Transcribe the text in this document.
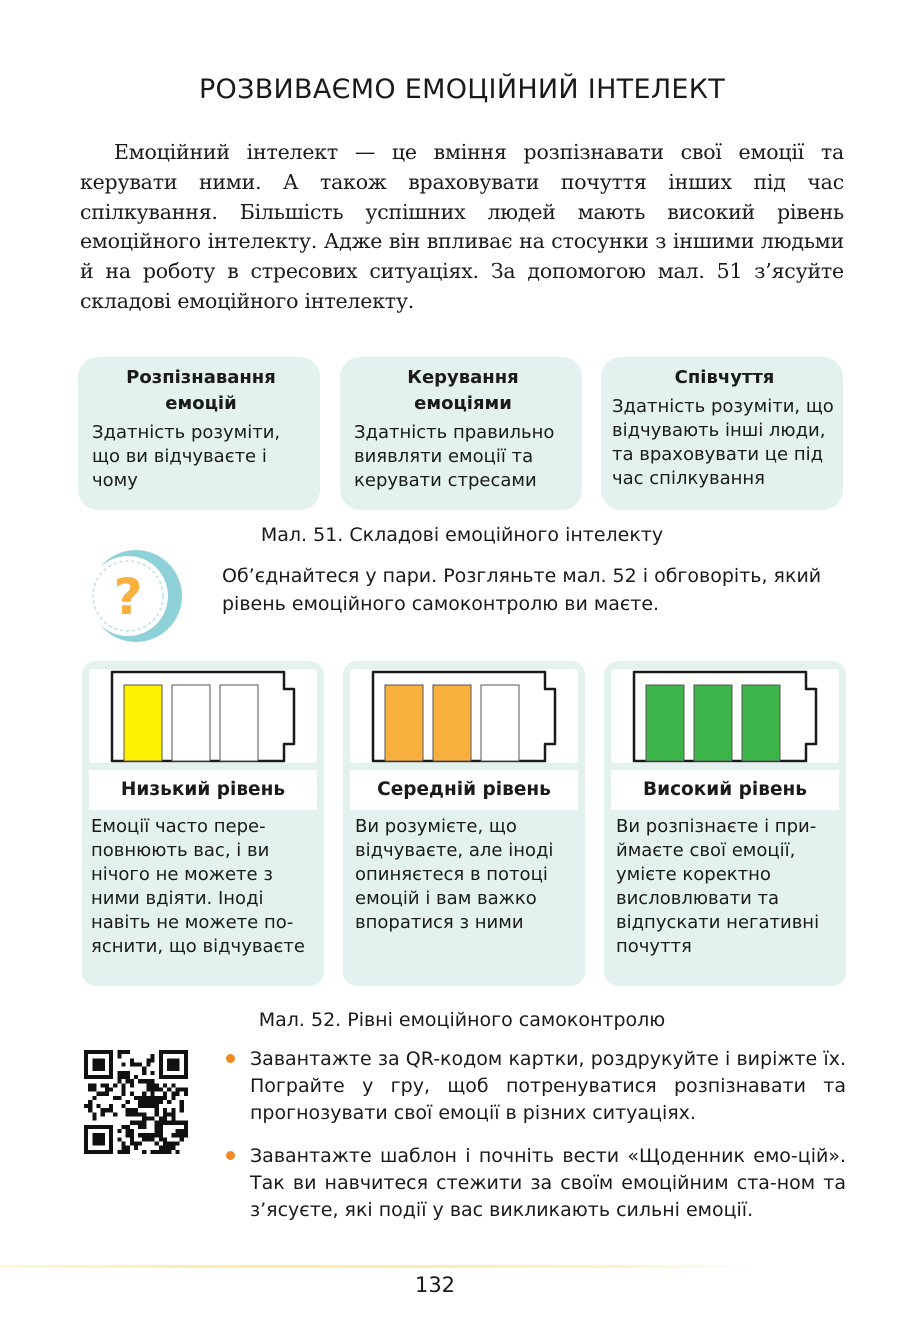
РОЗВИВАЄМО ЕМОЦІЙНИЙ ІНТЕЛЕКТ

Емоційний інтелект — це вміння розпізнавати свої емоції та керувати ними. А також враховувати почуття інших під час спілкування. Більшість успішних людей мають високий рівень емоційного інтелекту. Адже він впливає на стосунки з іншими людьми й на роботу в стресових ситуаціях. За допомогою мал. 51 з’ясуйте складові емоційного інтелекту.

Розпізнавання емоцій
Здатність розуміти, що ви відчуваєте і чому
Керування емоціями
Здатність правильно виявляти емоції та керувати стресами
Співчуття
Здатність розуміти, що відчувають інші люди, та враховувати це під час спілкування
Мал. 51. Складові емоційного інтелекту
?	Об’єднайтеся у пари. Розгляньте мал. 52 і обговоріть, який рівень емоційного самоконтролю ви маєте.

Низький рівень
Емоції часто пере-повнюють вас, і ви нічого не можете з ними вдіяти. Іноді навіть не можете по-яснити, що відчуваєте
Середній рівень
Ви розумієте, що відчуваєте, але іноді опиняєтеся в потоці емоцій і вам важко впоратися з ними
Високий рівень
Ви розпізнаєте і при-ймаєте свої емоції, умієте коректно висловлювати та відпускати негативні почуття
Мал. 52. Рівні емоційного самоконтролю
Завантажте за QR-кодом картки, роздрукуйте і виріжте їх. Пограйте у гру, щоб потренуватися розпізнавати та прогнозувати свої емоції в різних ситуаціях.
Завантажте шаблон і почніть вести «Щоденник емо-цій». Так ви навчитеся стежити за своїм емоційним ста-ном та з’ясуєте, які події у вас викликають сильні емоції.
132
